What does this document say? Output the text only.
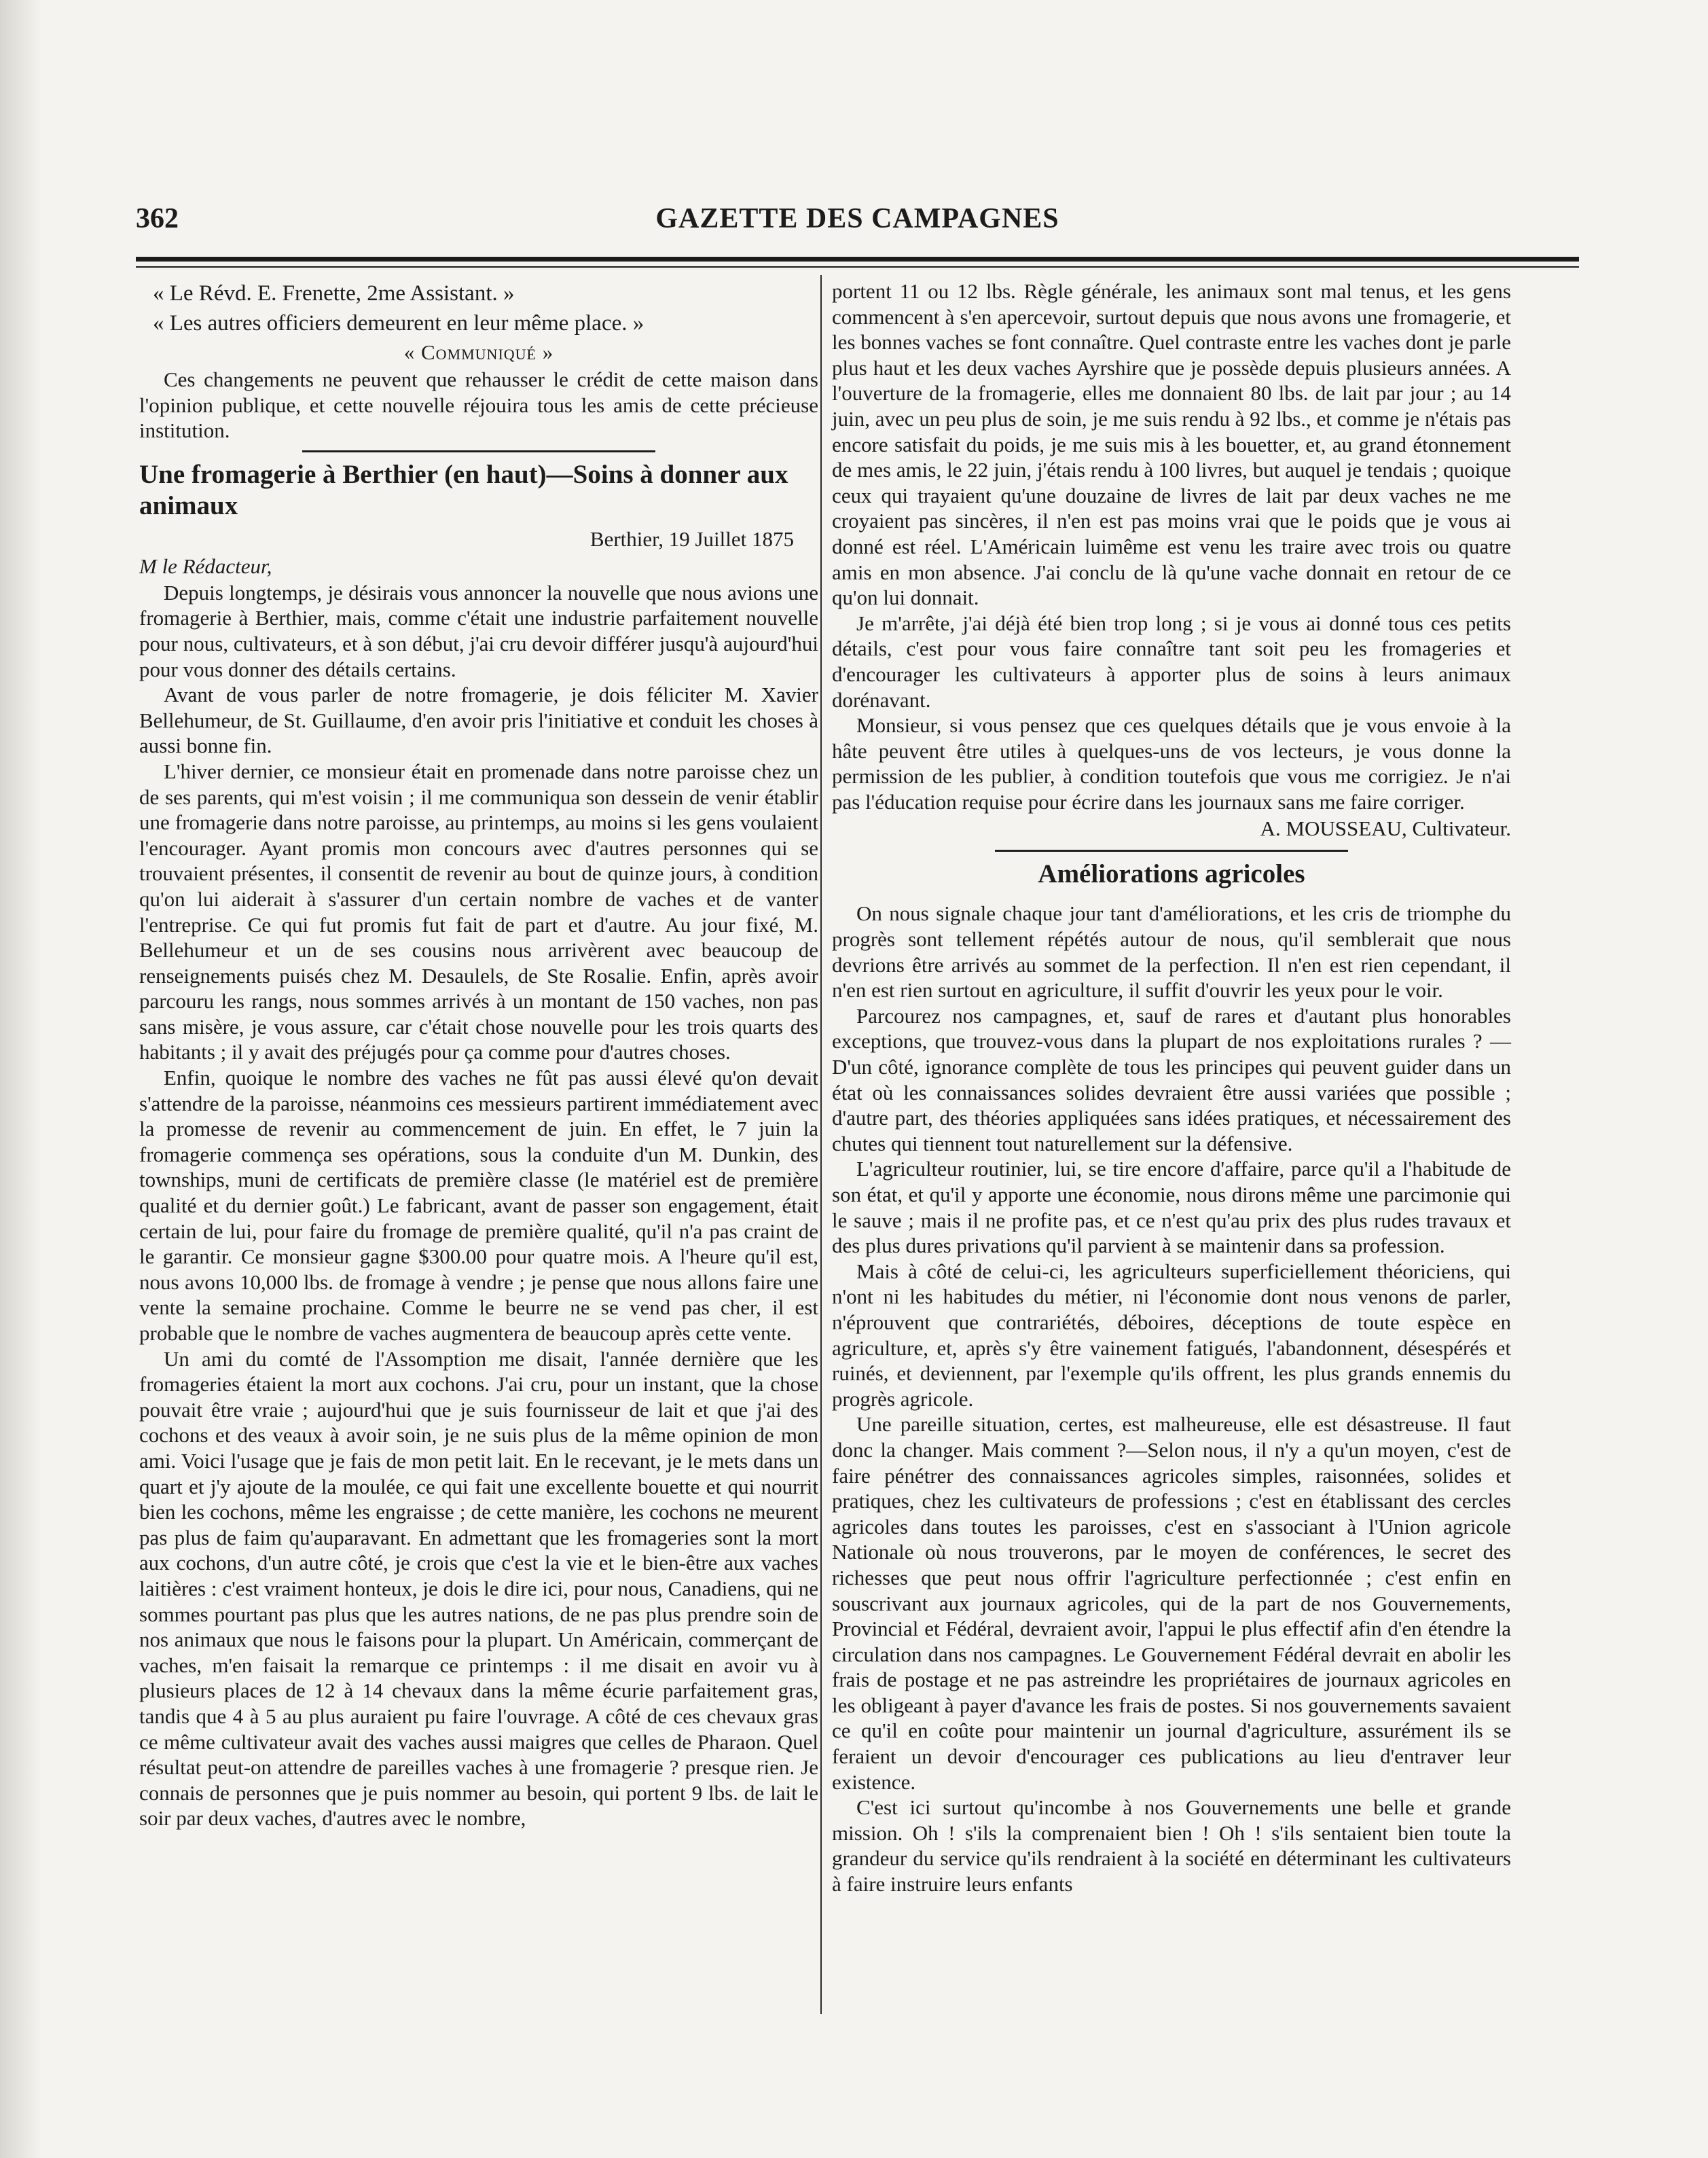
362	GAZETTE DES CAMPAGNES

« Le Révd. E. Frenette, 2me Assistant. »

« Les autres officiers demeurent en leur même place. »

« Communiqué »

Ces changements ne peuvent que rehausser le crédit de cette maison dans l'opinion publique, et cette nouvelle réjouira tous les amis de cette précieuse institution.

Une fromagerie à Berthier (en haut)—Soins à donner aux animaux

Berthier, 19 Juillet 1875

M le Rédacteur,

Depuis longtemps, je désirais vous annoncer la nouvelle que nous avions une fromagerie à Berthier, mais, comme c'était une industrie parfaitement nouvelle pour nous, cultivateurs, et à son début, j'ai cru devoir différer jusqu'à aujourd'hui pour vous donner des détails certains.

Avant de vous parler de notre fromagerie, je dois féliciter M. Xavier Bellehumeur, de St. Guillaume, d'en avoir pris l'initiative et conduit les choses à aussi bonne fin.

L'hiver dernier, ce monsieur était en promenade dans notre paroisse chez un de ses parents, qui m'est voisin ; il me communiqua son dessein de venir établir une fromagerie dans notre paroisse, au printemps, au moins si les gens voulaient l'encourager. Ayant promis mon concours avec d'autres personnes qui se trouvaient présentes, il consentit de revenir au bout de quinze jours, à condition qu'on lui aiderait à s'assurer d'un certain nombre de vaches et de vanter l'entreprise. Ce qui fut promis fut fait de part et d'autre. Au jour fixé, M. Bellehumeur et un de ses cousins nous arrivèrent avec beaucoup de renseignements puisés chez M. Desaulels, de Ste Rosalie. Enfin, après avoir parcouru les rangs, nous sommes arrivés à un montant de 150 vaches, non pas sans misère, je vous assure, car c'était chose nouvelle pour les trois quarts des habitants ; il y avait des préjugés pour ça comme pour d'autres choses.

Enfin, quoique le nombre des vaches ne fût pas aussi élevé qu'on devait s'attendre de la paroisse, néanmoins ces messieurs partirent immédiatement avec la promesse de revenir au commencement de juin. En effet, le 7 juin la fromagerie commença ses opérations, sous la conduite d'un M. Dunkin, des townships, muni de certificats de première classe (le matériel est de première qualité et du dernier goût.) Le fabricant, avant de passer son engagement, était certain de lui, pour faire du fromage de première qualité, qu'il n'a pas craint de le garantir. Ce monsieur gagne $300.00 pour quatre mois. A l'heure qu'il est, nous avons 10,000 lbs. de fromage à vendre ; je pense que nous allons faire une vente la semaine prochaine. Comme le beurre ne se vend pas cher, il est probable que le nombre de vaches augmentera de beaucoup après cette vente.

Un ami du comté de l'Assomption me disait, l'année dernière que les fromageries étaient la mort aux cochons. J'ai cru, pour un instant, que la chose pouvait être vraie ; aujourd'hui que je suis fournisseur de lait et que j'ai des cochons et des veaux à avoir soin, je ne suis plus de la même opinion de mon ami. Voici l'usage que je fais de mon petit lait. En le recevant, je le mets dans un quart et j'y ajoute de la moulée, ce qui fait une excellente bouette et qui nourrit bien les cochons, même les engraisse ; de cette manière, les cochons ne meurent pas plus de faim qu'auparavant. En admettant que les fromageries sont la mort aux cochons, d'un autre côté, je crois que c'est la vie et le bien-être aux vaches laitières : c'est vraiment honteux, je dois le dire ici, pour nous, Canadiens, qui ne sommes pourtant pas plus que les autres nations, de ne pas plus prendre soin de nos animaux que nous le faisons pour la plupart. Un Américain, commerçant de vaches, m'en faisait la remarque ce printemps : il me disait en avoir vu à plusieurs places de 12 à 14 chevaux dans la même écurie parfaitement gras, tandis que 4 à 5 au plus auraient pu faire l'ouvrage. A côté de ces chevaux gras ce même cultivateur avait des vaches aussi maigres que celles de Pharaon. Quel résultat peut-on attendre de pareilles vaches à une fromagerie ? presque rien. Je connais de personnes que je puis nommer au besoin, qui portent 9 lbs. de lait le soir par deux vaches, d'autres avec le nombre,

portent 11 ou 12 lbs. Règle générale, les animaux sont mal tenus, et les gens commencent à s'en apercevoir, surtout depuis que nous avons une fromagerie, et les bonnes vaches se font connaître. Quel contraste entre les vaches dont je parle plus haut et les deux vaches Ayrshire que je possède depuis plusieurs années. A l'ouverture de la fromagerie, elles me donnaient 80 lbs. de lait par jour ; au 14 juin, avec un peu plus de soin, je me suis rendu à 92 lbs., et comme je n'étais pas encore satisfait du poids, je me suis mis à les bouetter, et, au grand étonnement de mes amis, le 22 juin, j'étais rendu à 100 livres, but auquel je tendais ; quoique ceux qui trayaient qu'une douzaine de livres de lait par deux vaches ne me croyaient pas sincères, il n'en est pas moins vrai que le poids que je vous ai donné est réel. L'Américain luimême est venu les traire avec trois ou quatre amis en mon absence. J'ai conclu de là qu'une vache donnait en retour de ce qu'on lui donnait.

Je m'arrête, j'ai déjà été bien trop long ; si je vous ai donné tous ces petits détails, c'est pour vous faire connaître tant soit peu les fromageries et d'encourager les cultivateurs à apporter plus de soins à leurs animaux dorénavant.

Monsieur, si vous pensez que ces quelques détails que je vous envoie à la hâte peuvent être utiles à quelques-uns de vos lecteurs, je vous donne la permission de les publier, à condition toutefois que vous me corrigiez. Je n'ai pas l'éducation requise pour écrire dans les journaux sans me faire corriger.

A. MOUSSEAU, Cultivateur.

Améliorations agricoles

On nous signale chaque jour tant d'améliorations, et les cris de triomphe du progrès sont tellement répétés autour de nous, qu'il semblerait que nous devrions être arrivés au sommet de la perfection. Il n'en est rien cependant, il n'en est rien surtout en agriculture, il suffit d'ouvrir les yeux pour le voir.

Parcourez nos campagnes, et, sauf de rares et d'autant plus honorables exceptions, que trouvez-vous dans la plupart de nos exploitations rurales ? —D'un côté, ignorance complète de tous les principes qui peuvent guider dans un état où les connaissances solides devraient être aussi variées que possible ; d'autre part, des théories appliquées sans idées pratiques, et nécessairement des chutes qui tiennent tout naturellement sur la défensive.

L'agriculteur routinier, lui, se tire encore d'affaire, parce qu'il a l'habitude de son état, et qu'il y apporte une économie, nous dirons même une parcimonie qui le sauve ; mais il ne profite pas, et ce n'est qu'au prix des plus rudes travaux et des plus dures privations qu'il parvient à se maintenir dans sa profession.

Mais à côté de celui-ci, les agriculteurs superficiellement théoriciens, qui n'ont ni les habitudes du métier, ni l'économie dont nous venons de parler, n'éprouvent que contrariétés, déboires, déceptions de toute espèce en agriculture, et, après s'y être vainement fatigués, l'abandonnent, désespérés et ruinés, et deviennent, par l'exemple qu'ils offrent, les plus grands ennemis du progrès agricole.

Une pareille situation, certes, est malheureuse, elle est désastreuse. Il faut donc la changer. Mais comment ?—Selon nous, il n'y a qu'un moyen, c'est de faire pénétrer des connaissances agricoles simples, raisonnées, solides et pratiques, chez les cultivateurs de professions ; c'est en établissant des cercles agricoles dans toutes les paroisses, c'est en s'associant à l'Union agricole Nationale où nous trouverons, par le moyen de conférences, le secret des richesses que peut nous offrir l'agriculture perfectionnée ; c'est enfin en souscrivant aux journaux agricoles, qui de la part de nos Gouvernements, Provincial et Fédéral, devraient avoir, l'appui le plus effectif afin d'en étendre la circulation dans nos campagnes. Le Gouvernement Fédéral devrait en abolir les frais de postage et ne pas astreindre les propriétaires de journaux agricoles en les obligeant à payer d'avance les frais de postes. Si nos gouvernements savaient ce qu'il en coûte pour maintenir un journal d'agriculture, assurément ils se feraient un devoir d'encourager ces publications au lieu d'entraver leur existence.

C'est ici surtout qu'incombe à nos Gouvernements une belle et grande mission. Oh ! s'ils la comprenaient bien ! Oh ! s'ils sentaient bien toute la grandeur du service qu'ils rendraient à la société en déterminant les cultivateurs à faire instruire leurs enfants
